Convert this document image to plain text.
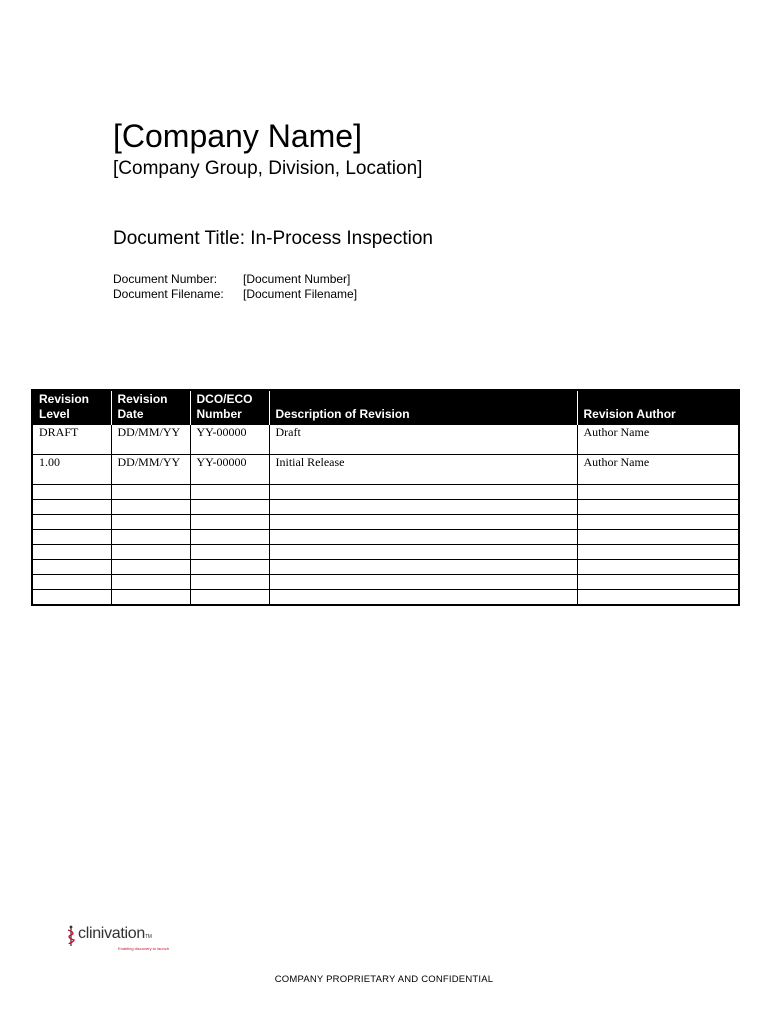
[Company Name]
[Company Group, Division, Location]
Document Title: In-Process Inspection
Document Number:	[Document Number]
Document Filename:	[Document Filename]
Revision Level	Revision Date	DCO/ECO Number	Description of Revision	Revision Author
DRAFT	DD/MM/YY	YY-00000	Draft	Author Name
1.00	DD/MM/YY	YY-00000	Initial Release	Author Name

clinivationTM
Enabling discovery to launch
COMPANY PROPRIETARY AND CONFIDENTIAL
